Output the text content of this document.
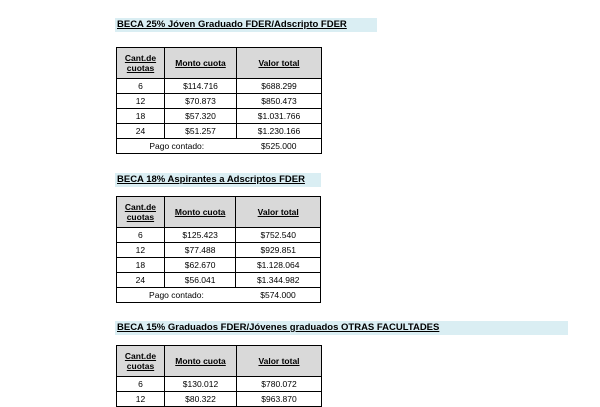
BECA 25% Jóven Graduado FDER/Adscripto FDER
Cant.de cuotas	Monto cuota	Valor total
6	$114.716	$688.299
12	$70.873	$850.473
18	$57.320	$1.031.766
24	$51.257	$1.230.166
Pago contado:		$525.000
BECA 18% Aspirantes a Adscriptos FDER
Cant.de cuotas	Monto cuota	Valor total
6	$125.423	$752.540
12	$77.488	$929.851
18	$62.670	$1.128.064
24	$56.041	$1.344.982
Pago contado:		$574.000
BECA 15% Graduados FDER/Jóvenes graduados OTRAS FACULTADES
Cant.de cuotas	Monto cuota	Valor total
6	$130.012	$780.072
12	$80.322	$963.870
